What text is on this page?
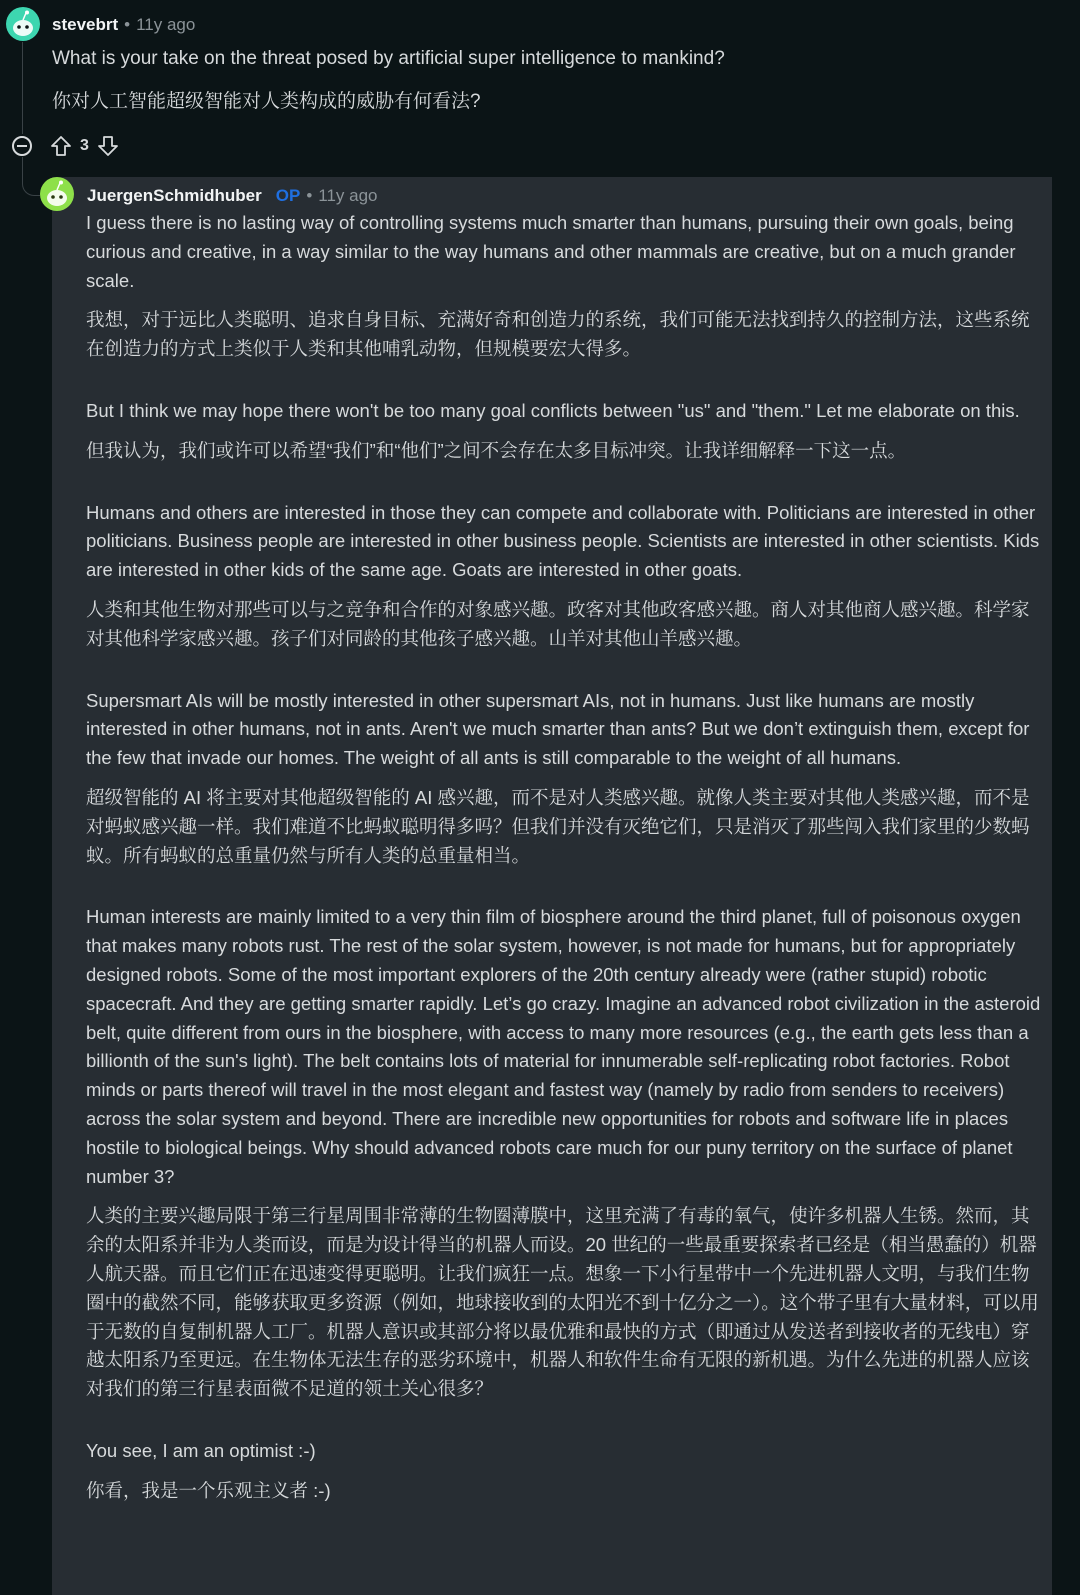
stevebrt • 11y ago

What is your take on the threat posed by artificial super intelligence to mankind?

你对人工智能超级智能对人类构成的威胁有何看法?

3
JuergenSchmidhuber OP • 11y ago

I guess there is no lasting way of controlling systems much smarter than humans, pursuing their own goals, being curious and creative, in a way similar to the way humans and other mammals are creative, but on a much grander scale.

我想，对于远比人类聪明、追求自身目标、充满好奇和创造力的系统，我们可能无法找到持久的控制方法，这些系统在创造力的方式上类似于人类和其他哺乳动物，但规模要宏大得多。

But I think we may hope there won't be too many goal conflicts between "us" and "them." Let me elaborate on this.

但我认为，我们或许可以希望“我们”和“他们”之间不会存在太多目标冲突。让我详细解释一下这一点。

Humans and others are interested in those they can compete and collaborate with. Politicians are interested in other politicians. Business people are interested in other business people. Scientists are interested in other scientists. Kids are interested in other kids of the same age. Goats are interested in other goats.

人类和其他生物对那些可以与之竞争和合作的对象感兴趣。政客对其他政客感兴趣。商人对其他商人感兴趣。科学家对其他科学家感兴趣。孩子们对同龄的其他孩子感兴趣。山羊对其他山羊感兴趣。

Supersmart AIs will be mostly interested in other supersmart AIs, not in humans. Just like humans are mostly interested in other humans, not in ants. Aren't we much smarter than ants? But we don’t extinguish them, except for the few that invade our homes. The weight of all ants is still comparable to the weight of all humans.

超级智能的 AI 将主要对其他超级智能的 AI 感兴趣，而不是对人类感兴趣。就像人类主要对其他人类感兴趣，而不是对蚂蚁感兴趣一样。我们难道不比蚂蚁聪明得多吗？但我们并没有灭绝它们，只是消灭了那些闯入我们家里的少数蚂蚁。所有蚂蚁的总重量仍然与所有人类的总重量相当。

Human interests are mainly limited to a very thin film of biosphere around the third planet, full of poisonous oxygen that makes many robots rust. The rest of the solar system, however, is not made for humans, but for appropriately designed robots. Some of the most important explorers of the 20th century already were (rather stupid) robotic spacecraft. And they are getting smarter rapidly. Let’s go crazy. Imagine an advanced robot civilization in the asteroid belt, quite different from ours in the biosphere, with access to many more resources (e.g., the earth gets less than a billionth of the sun's light). The belt contains lots of material for innumerable self-replicating robot factories. Robot minds or parts thereof will travel in the most elegant and fastest way (namely by radio from senders to receivers) across the solar system and beyond. There are incredible new opportunities for robots and software life in places hostile to biological beings. Why should advanced robots care much for our puny territory on the surface of planet number 3?

人类的主要兴趣局限于第三行星周围非常薄的生物圈薄膜中，这里充满了有毒的氧气，使许多机器人生锈。然而，其余的太阳系并非为人类而设，而是为设计得当的机器人而设。20 世纪的一些最重要探索者已经是（相当愚蠢的）机器人航天器。而且它们正在迅速变得更聪明。让我们疯狂一点。想象一下小行星带中一个先进机器人文明，与我们生物圈中的截然不同，能够获取更多资源（例如，地球接收到的太阳光不到十亿分之一）。这个带子里有大量材料，可以用于无数的自复制机器人工厂。机器人意识或其部分将以最优雅和最快的方式（即通过从发送者到接收者的无线电）穿越太阳系乃至更远。在生物体无法生存的恶劣环境中，机器人和软件生命有无限的新机遇。为什么先进的机器人应该对我们的第三行星表面微不足道的领土关心很多？

You see, I am an optimist :-)

你看，我是一个乐观主义者 :-)
